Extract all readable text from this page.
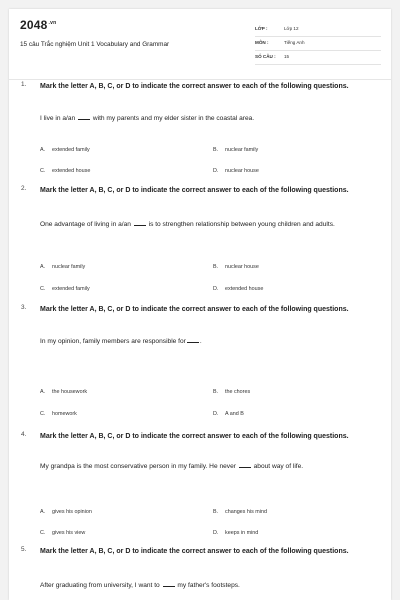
$2048^{.vn}$
15 câu Trắc nghiệm Unit 1 Vocabulary and Grammar
LỚP :	Lớp 12
MÔN :	Tiếng Anh
SỐ CÂU : 15
1. Mark the letter A, B, C, or D to indicate the correct answer to each of the following questions.
I live in a/an	with my parents and my elder sister in the coastal area.
A. extended family	B. nuclear family
C. extended house	D. nuclear house
2. Mark the letter A, B, C, or D to indicate the correct answer to each of the following questions.
One advantage of living in a/an	is to strengthen relationship between young children and adults.
A. nuclear family	B. nuclear house
C. extended family	D. extended house
3. Mark the letter A, B, C, or D to indicate the correct answer to each of the following questions.
In my opinion, family members are responsible for .
A. the housework	B. the chores
C. homework	D. A and B
4. Mark the letter A, B, C, or D to indicate the correct answer to each of the following questions.
My grandpa is the most conservative person in my family. He never	about way of life.
A. gives his opinion	B. changes his mind
C. gives his view	D. keeps in mind
5. Mark the letter A, B, C, or D to indicate the correct answer to each of the following questions.
After graduating from university, I want to	my father's footsteps.
